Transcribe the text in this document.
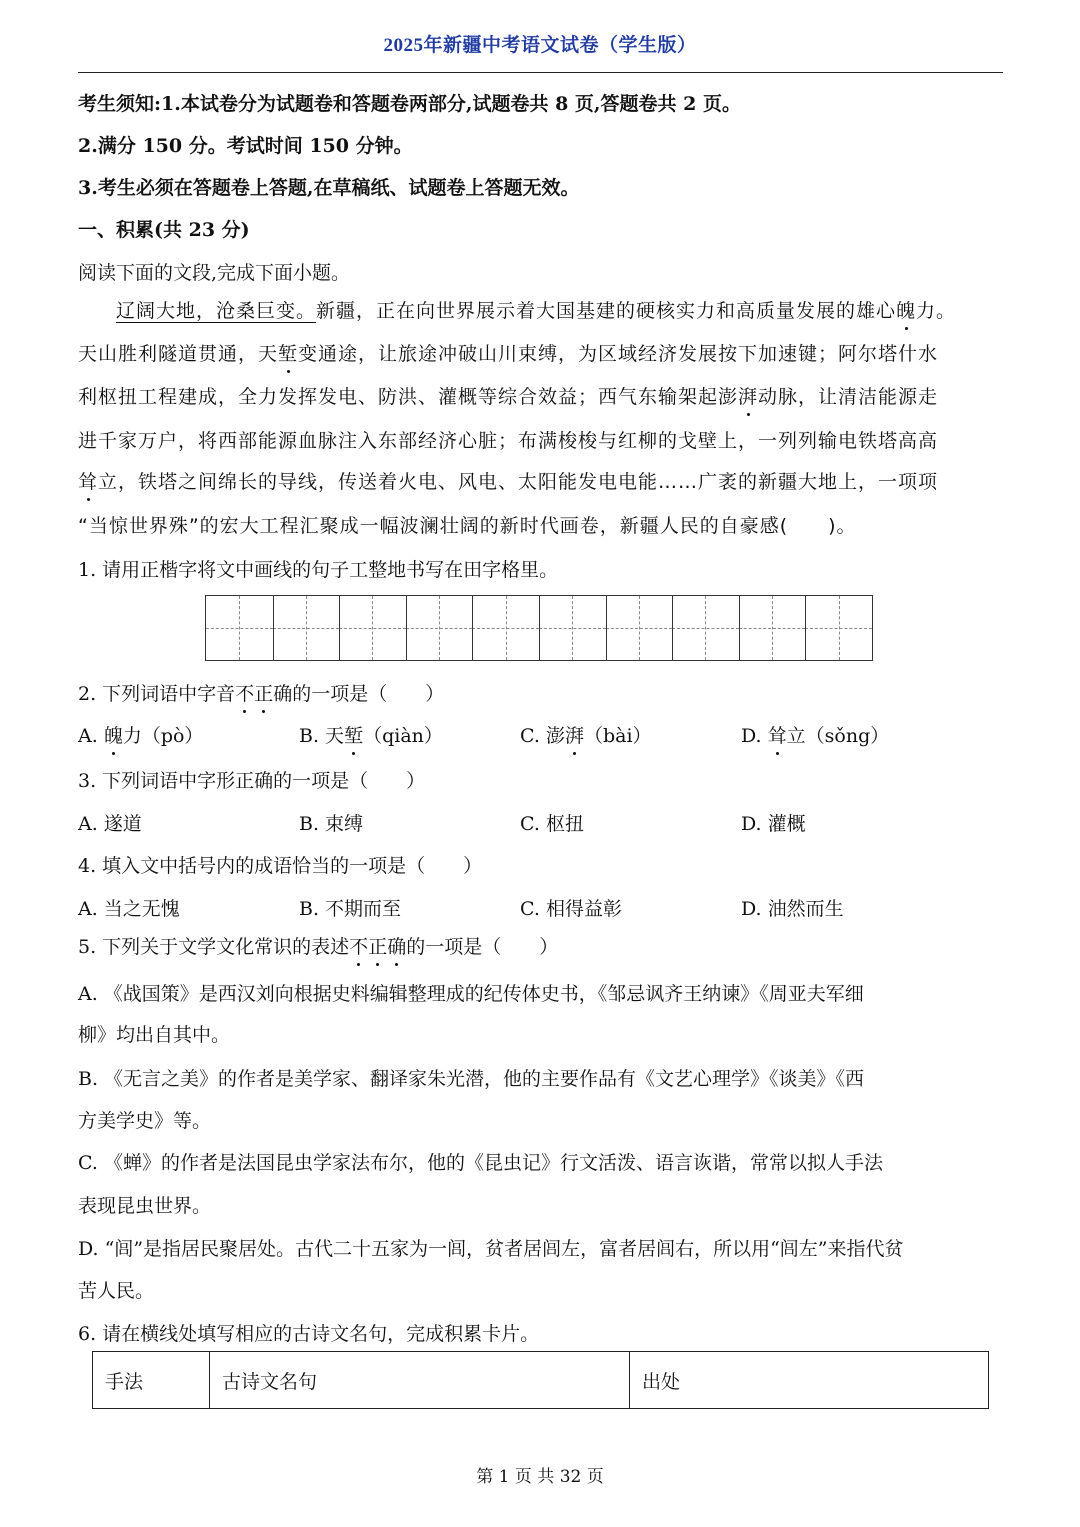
2025年新疆中考语文试卷（学生版）
考生须知:1.本试卷分为试题卷和答题卷两部分,试题卷共 8 页,答题卷共 2 页。
2.满分 150 分。考试时间 150 分钟。
3.考生必须在答题卷上答题,在草稿纸、试题卷上答题无效。
一、积累(共 23 分)
阅读下面的文段,完成下面小题。
辽阔大地，沧桑巨变。新疆，正在向世界展示着大国基建的硬核实力和高质量发展的雄心魄力。
天山胜利隧道贯通，天堑变通途，让旅途冲破山川束缚，为区域经济发展按下加速键；阿尔塔什水
利枢扭工程建成，全力发挥发电、防洪、灌概等综合效益；西气东输架起澎湃动脉，让清洁能源走
进千家万户，将西部能源血脉注入东部经济心脏；布满梭梭与红柳的戈壁上，一列列输电铁塔高高
耸立，铁塔之间绵长的导线，传送着火电、风电、太阳能发电电能……广袤的新疆大地上，一项项
“当惊世界殊”的宏大工程汇聚成一幅波澜壮阔的新时代画卷，新疆人民的自豪感(　　)。
1. 请用正楷字将文中画线的句子工整地书写在田字格里。
2. 下列词语中字音不正确的一项是（　　）
A. 魄力（pò）	B. 天堑（qiàn）	C. 澎湃（bài）	D. 耸立（sǒng）
3. 下列词语中字形正确的一项是（　　）
A. 遂道	B. 束缚	C. 枢扭	D. 灌概
4. 填入文中括号内的成语恰当的一项是（　　）
A. 当之无愧	B. 不期而至	C. 相得益彰	D. 油然而生
5. 下列关于文学文化常识的表述不正确的一项是（　　）
A. 《战国策》是西汉刘向根据史料编辑整理成的纪传体史书，《邹忌讽齐王纳谏》《周亚夫军细
柳》均出自其中。
B. 《无言之美》的作者是美学家、翻译家朱光潜，他的主要作品有《文艺心理学》《谈美》《西
方美学史》等。
C. 《蝉》的作者是法国昆虫学家法布尔，他的《昆虫记》行文活泼、语言诙谐，常常以拟人手法
表现昆虫世界。
D. “闾”是指居民聚居处。古代二十五家为一闾，贫者居闾左，富者居闾右，所以用“闾左”来指代贫
苦人民。
6. 请在横线处填写相应的古诗文名句，完成积累卡片。
手法	古诗文名句	出处
第 1 页 共 32 页
